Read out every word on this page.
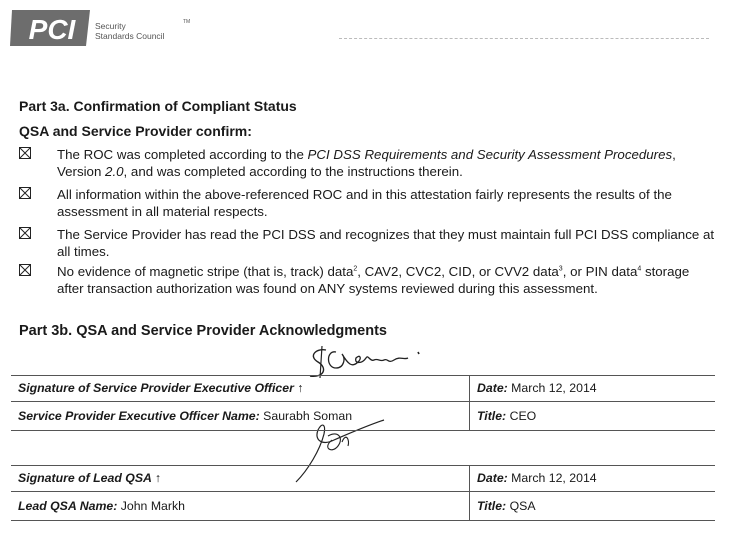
PCI Security
Standards Council
TM
Part 3a. Confirmation of Compliant Status
QSA and Service Provider confirm:
The ROC was completed according to the PCI DSS Requirements and Security Assessment Procedures, Version 2.0, and was completed according to the instructions therein.
All information within the above-referenced ROC and in this attestation fairly represents the results of the assessment in all material respects.
The Service Provider has read the PCI DSS and recognizes that they must maintain full PCI DSS compliance at all times.
No evidence of magnetic stripe (that is, track) data$^2$, CAV2, CVC2, CID, or CVV2 data$^3$, or PIN data$^4$ storage after transaction authorization was found on ANY systems reviewed during this assessment.
Part 3b. QSA and Service Provider Acknowledgments
Signature of Service Provider Executive Officer ↑	Date: March 12, 2014
Service Provider Executive Officer Name: Saurabh Soman	Title: CEO
Signature of Lead QSA ↑	Date: March 12, 2014
Lead QSA Name: John Markh	Title: QSA
